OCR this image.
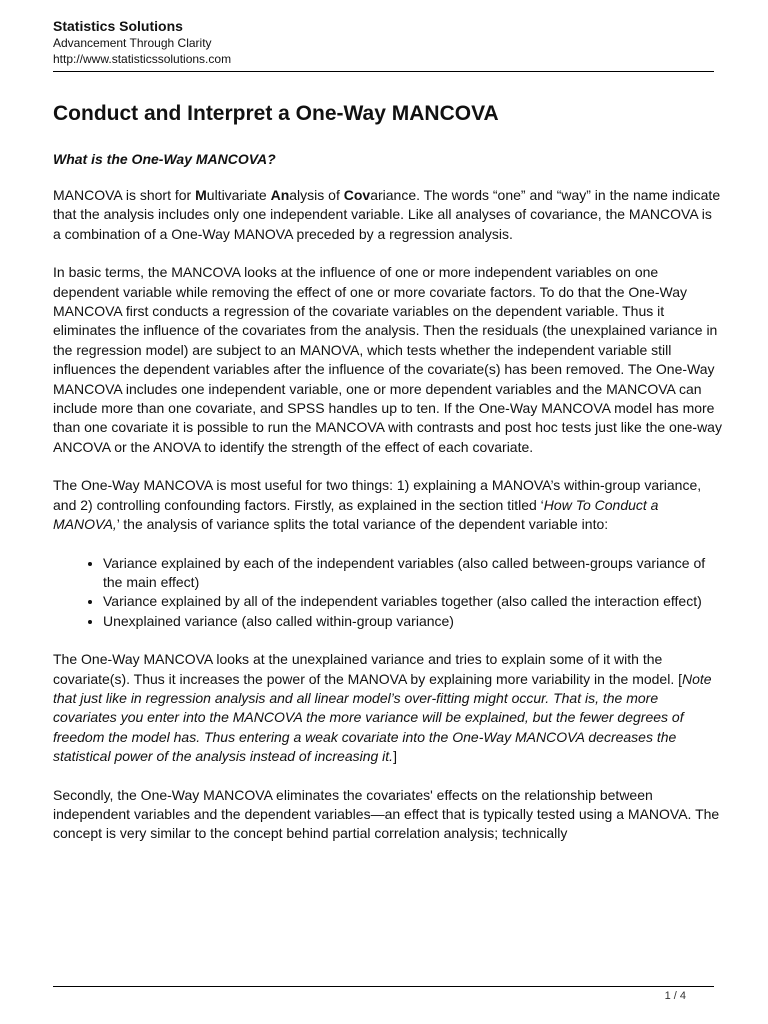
Statistics Solutions
Advancement Through Clarity
http://www.statisticssolutions.com
Conduct and Interpret a One-Way MANCOVA
What is the One-Way MANCOVA?

MANCOVA is short for Multivariate Analysis of Covariance. The words “one” and “way” in the name indicate that the analysis includes only one independent variable. Like all analyses of covariance, the MANCOVA is a combination of a One-Way MANOVA preceded by a regression analysis.

In basic terms, the MANCOVA looks at the influence of one or more independent variables on one dependent variable while removing the effect of one or more covariate factors. To do that the One-Way MANCOVA first conducts a regression of the covariate variables on the dependent variable. Thus it eliminates the influence of the covariates from the analysis. Then the residuals (the unexplained variance in the regression model) are subject to an MANOVA, which tests whether the independent variable still influences the dependent variables after the influence of the covariate(s) has been removed. The One-Way MANCOVA includes one independent variable, one or more dependent variables and the MANCOVA can include more than one covariate, and SPSS handles up to ten. If the One-Way MANCOVA model has more than one covariate it is possible to run the MANCOVA with contrasts and post hoc tests just like the one-way ANCOVA or the ANOVA to identify the strength of the effect of each covariate.

The One-Way MANCOVA is most useful for two things: 1) explaining a MANOVA’s within-group variance, and 2) controlling confounding factors. Firstly, as explained in the section titled ‘How To Conduct a MANOVA,’ the analysis of variance splits the total variance of the dependent variable into:

• Variance explained by each of the independent variables (also called between-groups variance of the main effect)
• Variance explained by all of the independent variables together (also called the interaction effect)
• Unexplained variance (also called within-group variance)

The One-Way MANCOVA looks at the unexplained variance and tries to explain some of it with the covariate(s). Thus it increases the power of the MANOVA by explaining more variability in the model. [Note that just like in regression analysis and all linear model’s over-fitting might occur. That is, the more covariates you enter into the MANCOVA the more variance will be explained, but the fewer degrees of freedom the model has. Thus entering a weak covariate into the One-Way MANCOVA decreases the statistical power of the analysis instead of increasing it.]

Secondly, the One-Way MANCOVA eliminates the covariates' effects on the relationship between independent variables and the dependent variables—an effect that is typically tested using a MANOVA. The concept is very similar to the concept behind partial correlation analysis; technically

1 / 4
